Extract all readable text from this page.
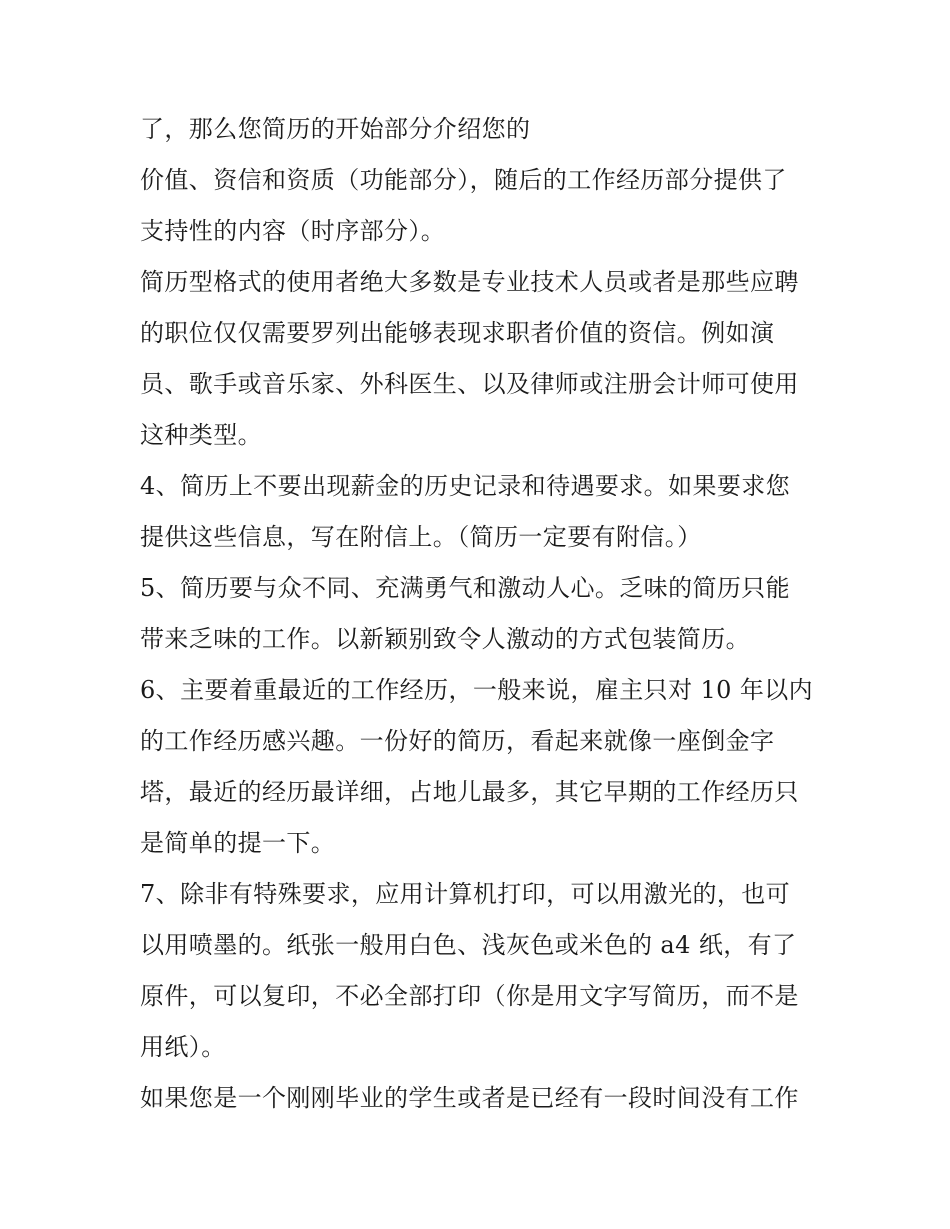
了，那么您简历的开始部分介绍您的

价值、资信和资质（功能部分），随后的工作经历部分提供了

支持性的内容（时序部分）。

简历型格式的使用者绝大多数是专业技术人员或者是那些应聘

的职位仅仅需要罗列出能够表现求职者价值的资信。例如演

员、歌手或音乐家、外科医生、以及律师或注册会计师可使用

这种类型。

4、简历上不要出现薪金的历史记录和待遇要求。如果要求您

提供这些信息，写在附信上。（简历一定要有附信。）

5、简历要与众不同、充满勇气和激动人心。乏味的简历只能

带来乏味的工作。以新颖别致令人激动的方式包装简历。

6、主要着重最近的工作经历，一般来说，雇主只对 10 年以内

的工作经历感兴趣。一份好的简历，看起来就像一座倒金字

塔，最近的经历最详细，占地儿最多，其它早期的工作经历只

是简单的提一下。

7、除非有特殊要求，应用计算机打印，可以用激光的，也可

以用喷墨的。纸张一般用白色、浅灰色或米色的 a4 纸，有了

原件，可以复印，不必全部打印（你是用文字写简历，而不是

用纸）。

如果您是一个刚刚毕业的学生或者是已经有一段时间没有工作
